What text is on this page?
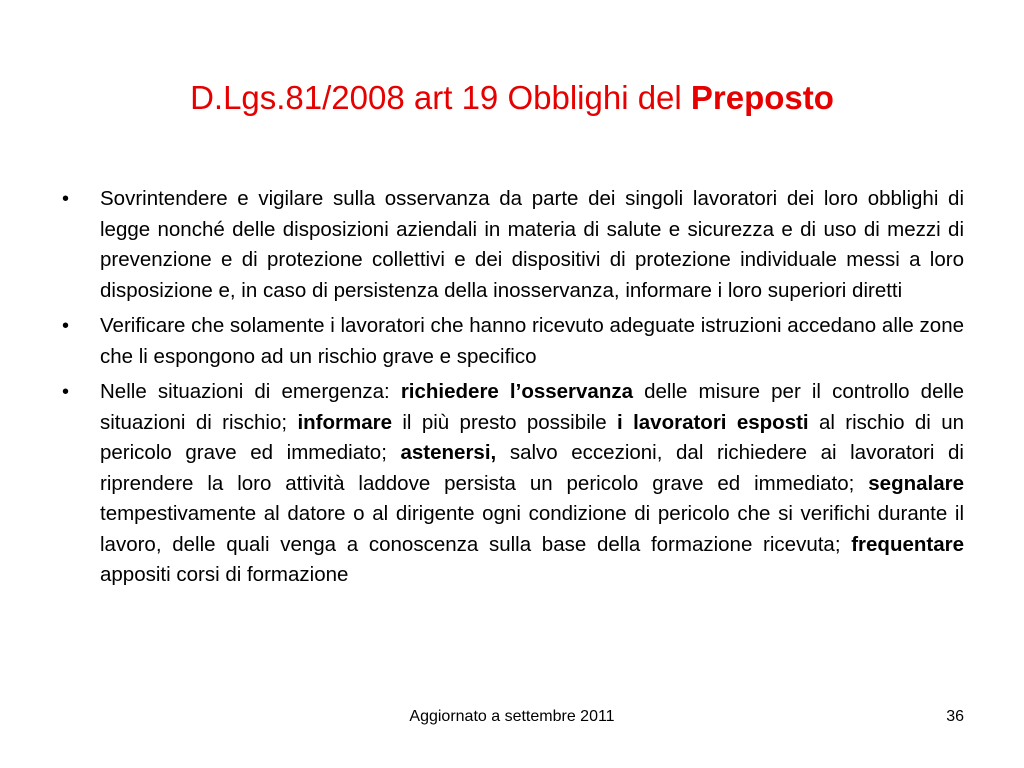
D.Lgs.81/2008 art 19 Obblighi del Preposto
•	Sovrintendere e vigilare sulla osservanza da parte dei singoli lavoratori dei loro obblighi di legge nonché delle disposizioni aziendali in materia di salute e sicurezza e di uso di mezzi di prevenzione e di protezione collettivi e dei dispositivi di protezione individuale messi a loro disposizione e, in caso di persistenza della inosservanza, informare i loro superiori diretti
•	Verificare che solamente i lavoratori che hanno ricevuto adeguate istruzioni accedano alle zone che li espongono ad un rischio grave e specifico
•	Nelle situazioni di emergenza: richiedere l’osservanza delle misure per il controllo delle situazioni di rischio; informare il più presto possibile i lavoratori esposti al rischio di un pericolo grave ed immediato; astenersi, salvo eccezioni, dal richiedere ai lavoratori di riprendere la loro attività laddove persista un pericolo grave ed immediato; segnalare tempestivamente al datore o al dirigente ogni condizione di pericolo che si verifichi durante il lavoro, delle quali venga a conoscenza sulla base della formazione ricevuta; frequentare appositi corsi di formazione
Aggiornato a settembre 2011	36
